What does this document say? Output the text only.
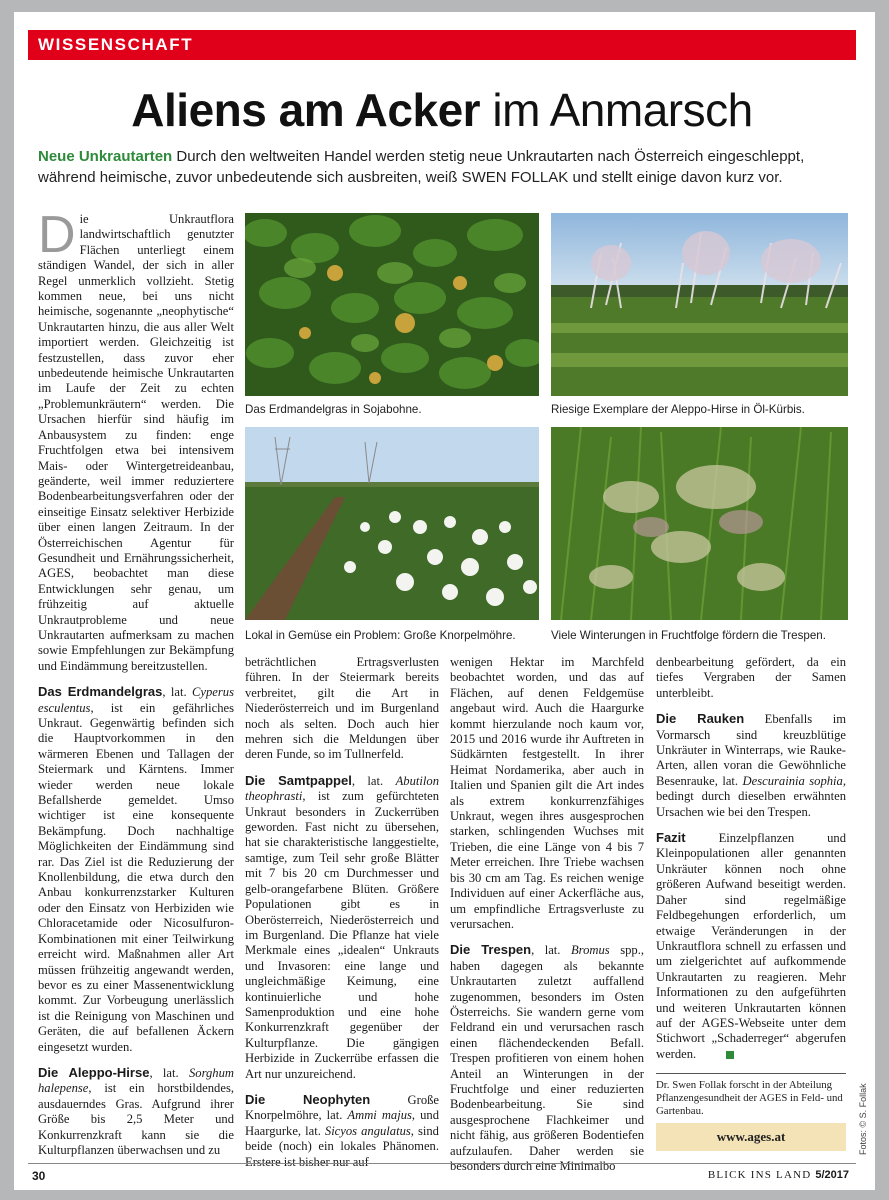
WISSENSCHAFT
Aliens am Acker im Anmarsch
Neue Unkrautarten Durch den weltweiten Handel werden stetig neue Unkrautarten nach Österreich eingeschleppt, während heimische, zuvor unbedeutende sich ausbreiten, weiß SWEN FOLLAK und stellt einige davon kurz vor.

Die Unkrautflora landwirtschaftlich genutzter Flächen unterliegt einem ständigen Wandel, der sich in aller Regel unmerklich vollzieht. Stetig kommen neue, bei uns nicht heimische, sogenannte „neophytische“ Unkrautarten hinzu, die aus aller Welt importiert werden. Gleichzeitig ist festzustellen, dass zuvor eher unbedeutende heimische Unkrautarten im Laufe der Zeit zu echten „Problemunkräutern“ werden. Die Ursachen hierfür sind häufig im Anbausystem zu finden: enge Fruchtfolgen etwa bei intensivem Mais- oder Wintergetreideanbau, geänderte, weil immer reduziertere Bodenbearbeitungsverfahren oder der einseitige Einsatz selektiver Herbizide über einen langen Zeitraum. In der Österreichischen Agentur für Gesundheit und Ernährungssicherheit, AGES, beobachtet man diese Entwicklungen sehr genau, um frühzeitig auf aktuelle Unkrautprobleme und neue Unkrautarten aufmerksam zu machen sowie Empfehlungen zur Bekämpfung und Eindämmung bereitzustellen.

Das Erdmandelgras, lat. Cyperus esculentus, ist ein gefährliches Unkraut. Gegenwärtig befinden sich die Hauptvorkommen in den wärmeren Ebenen und Tallagen der Steiermark und Kärntens. Immer wieder werden neue lokale Befallsherde gemeldet. Umso wichtiger ist eine konsequente Bekämpfung. Doch nachhaltige Möglichkeiten der Eindämmung sind rar. Das Ziel ist die Reduzierung der Knollenbildung, die etwa durch den Anbau konkurrenzstarker Kulturen oder den Einsatz von Herbiziden wie Chloracetamide oder Nicosulfuron-Kombinationen mit einer Teilwirkung erreicht wird. Maßnahmen aller Art müssen frühzeitig angewandt werden, bevor es zu einer Massenentwicklung kommt. Zur Vorbeugung unerlässlich ist die Reinigung von Maschinen und Geräten, die auf befallenen Äckern eingesetzt wurden.

Die Aleppo-Hirse, lat. Sorghum halepense, ist ein horstbildendes, ausdauerndes Gras. Aufgrund ihrer Größe bis 2,5 Meter und Konkurrenzkraft kann sie die Kulturpflanzen überwachsen und zu

Das Erdmandelgras in Sojabohne.	Riesige Exemplare der Aleppo-Hirse in Öl-Kürbis.
Lokal in Gemüse ein Problem: Große Knorpelmöhre.	Viele Winterungen in Fruchtfolge fördern die Trespen.

beträchtlichen Ertragsverlusten führen. In der Steiermark bereits verbreitet, gilt die Art in Niederösterreich und im Burgenland noch als selten. Doch auch hier mehren sich die Meldungen über deren Funde, so im Tullnerfeld.

Die Samtpappel, lat. Abutilon theophrasti, ist zum gefürchteten Unkraut besonders in Zuckerrüben geworden. Fast nicht zu übersehen, hat sie charakteristische langgestielte, samtige, zum Teil sehr große Blätter mit 7 bis 20 cm Durchmesser und gelb-orangefarbene Blüten. Größere Populationen gibt es in Oberösterreich, Niederösterreich und im Burgenland. Die Pflanze hat viele Merkmale eines „idealen“ Unkrauts und Invasoren: eine lange und ungleichmäßige Keimung, eine kontinuierliche und hohe Samenproduktion und eine hohe Konkurrenzkraft gegenüber der Kulturpflanze. Die gängigen Herbizide in Zuckerrübe erfassen die Art nur unzureichend.

Die Neophyten Große Knorpelmöhre, lat. Ammi majus, und Haargurke, lat. Sicyos angulatus, sind beide (noch) ein lokales Phänomen. Erstere ist bisher nur auf

wenigen Hektar im Marchfeld beobachtet worden, und das auf Flächen, auf denen Feldgemüse angebaut wird. Auch die Haargurke kommt hierzulande noch kaum vor, 2015 und 2016 wurde ihr Auftreten in Südkärnten festgestellt. In ihrer Heimat Nordamerika, aber auch in Italien und Spanien gilt die Art indes als extrem konkurrenzfähiges Unkraut, wegen ihres ausgesprochen starken, schlingenden Wuchses mit Trieben, die eine Länge von 4 bis 7 Meter erreichen. Ihre Triebe wachsen bis 30 cm am Tag. Es reichen wenige Individuen auf einer Ackerfläche aus, um empfindliche Ertragsverluste zu verursachen.

Die Trespen, lat. Bromus spp., haben dagegen als bekannte Unkrautarten zuletzt auffallend zugenommen, besonders im Osten Österreichs. Sie wandern gerne vom Feldrand ein und verursachen rasch einen flächendeckenden Befall. Trespen profitieren von einem hohen Anteil an Winterungen in der Fruchtfolge und einer reduzierten Bodenbearbeitung. Sie sind ausgesprochene Flachkeimer und nicht fähig, aus größeren Bodentiefen aufzulaufen. Daher werden sie besonders durch eine Minimalbo

denbearbeitung gefördert, da ein tiefes Vergraben der Samen unterbleibt.

Die Rauken Ebenfalls im Vormarsch sind kreuzblütige Unkräuter in Winterraps, wie Rauke-Arten, allen voran die Gewöhnliche Besenrauke, lat. Descurainia sophia, bedingt durch dieselben erwähnten Ursachen wie bei den Trespen.

Fazit Einzelpflanzen und Kleinpopulationen aller genannten Unkräuter können noch ohne größeren Aufwand beseitigt werden. Daher sind regelmäßige Feldbegehungen erforderlich, um etwaige Veränderungen in der Unkrautflora schnell zu erfassen und um zielgerichtet auf aufkommende Unkrautarten zu reagieren. Mehr Informationen zu den aufgeführten und weiteren Unkrautarten können auf der AGES-Webseite unter dem Stichwort „Schaderreger“ abgerufen werden.

Dr. Swen Follak forscht in der Abteilung Pflanzengesundheit der AGES in Feld- und Gartenbau.
www.ages.at	Fotos: © S. Follak
30	BLICK INS LAND 5/2017
